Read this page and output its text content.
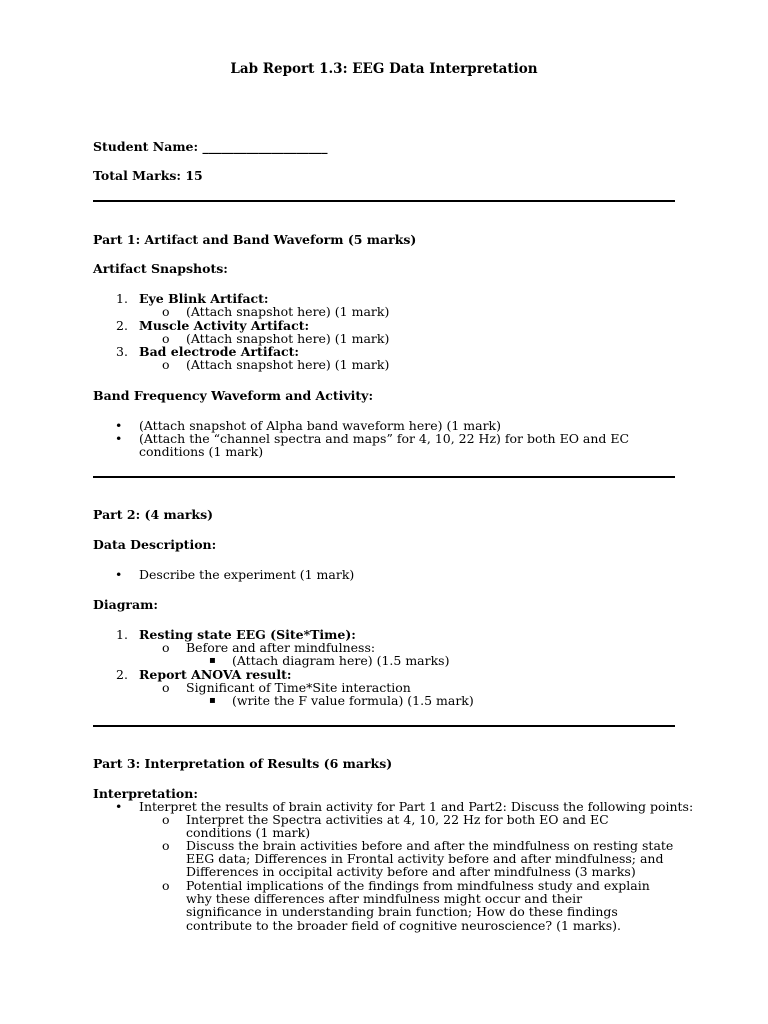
Lab Report 1.3: EEG Data Interpretation
Student Name: ____________________
Total Marks: 15
Part 1: Artifact and Band Waveform (5 marks)
Artifact Snapshots:
1. Eye Blink Artifact:
o (Attach snapshot here) (1 mark)
2. Muscle Activity Artifact:
o (Attach snapshot here) (1 mark)
3. Bad electrode Artifact:
o (Attach snapshot here) (1 mark)
Band Frequency Waveform and Activity:
• (Attach snapshot of Alpha band waveform here) (1 mark)
• (Attach the “channel spectra and maps” for 4, 10, 22 Hz) for both EO and EC conditions (1 mark)
Part 2: (4 marks)
Data Description:
• Describe the experiment (1 mark)
Diagram:
1. Resting state EEG (Site*Time):
o Before and after mindfulness:
▪ (Attach diagram here) (1.5 marks)
2. Report ANOVA result:
o Significant of Time*Site interaction
▪ (write the F value formula) (1.5 mark)
Part 3: Interpretation of Results (6 marks)
Interpretation:
• Interpret the results of brain activity for Part 1 and Part2: Discuss the following points:
o Interpret the Spectra activities at 4, 10, 22 Hz for both EO and EC conditions (1 mark)
o Discuss the brain activities before and after the mindfulness on resting state EEG data; Differences in Frontal activity before and after mindfulness; and Differences in occipital activity before and after mindfulness (3 marks)
o Potential implications of the findings from mindfulness study and explain why these differences after mindfulness might occur and their significance in understanding brain function; How do these findings contribute to the broader field of cognitive neuroscience? (1 marks).
